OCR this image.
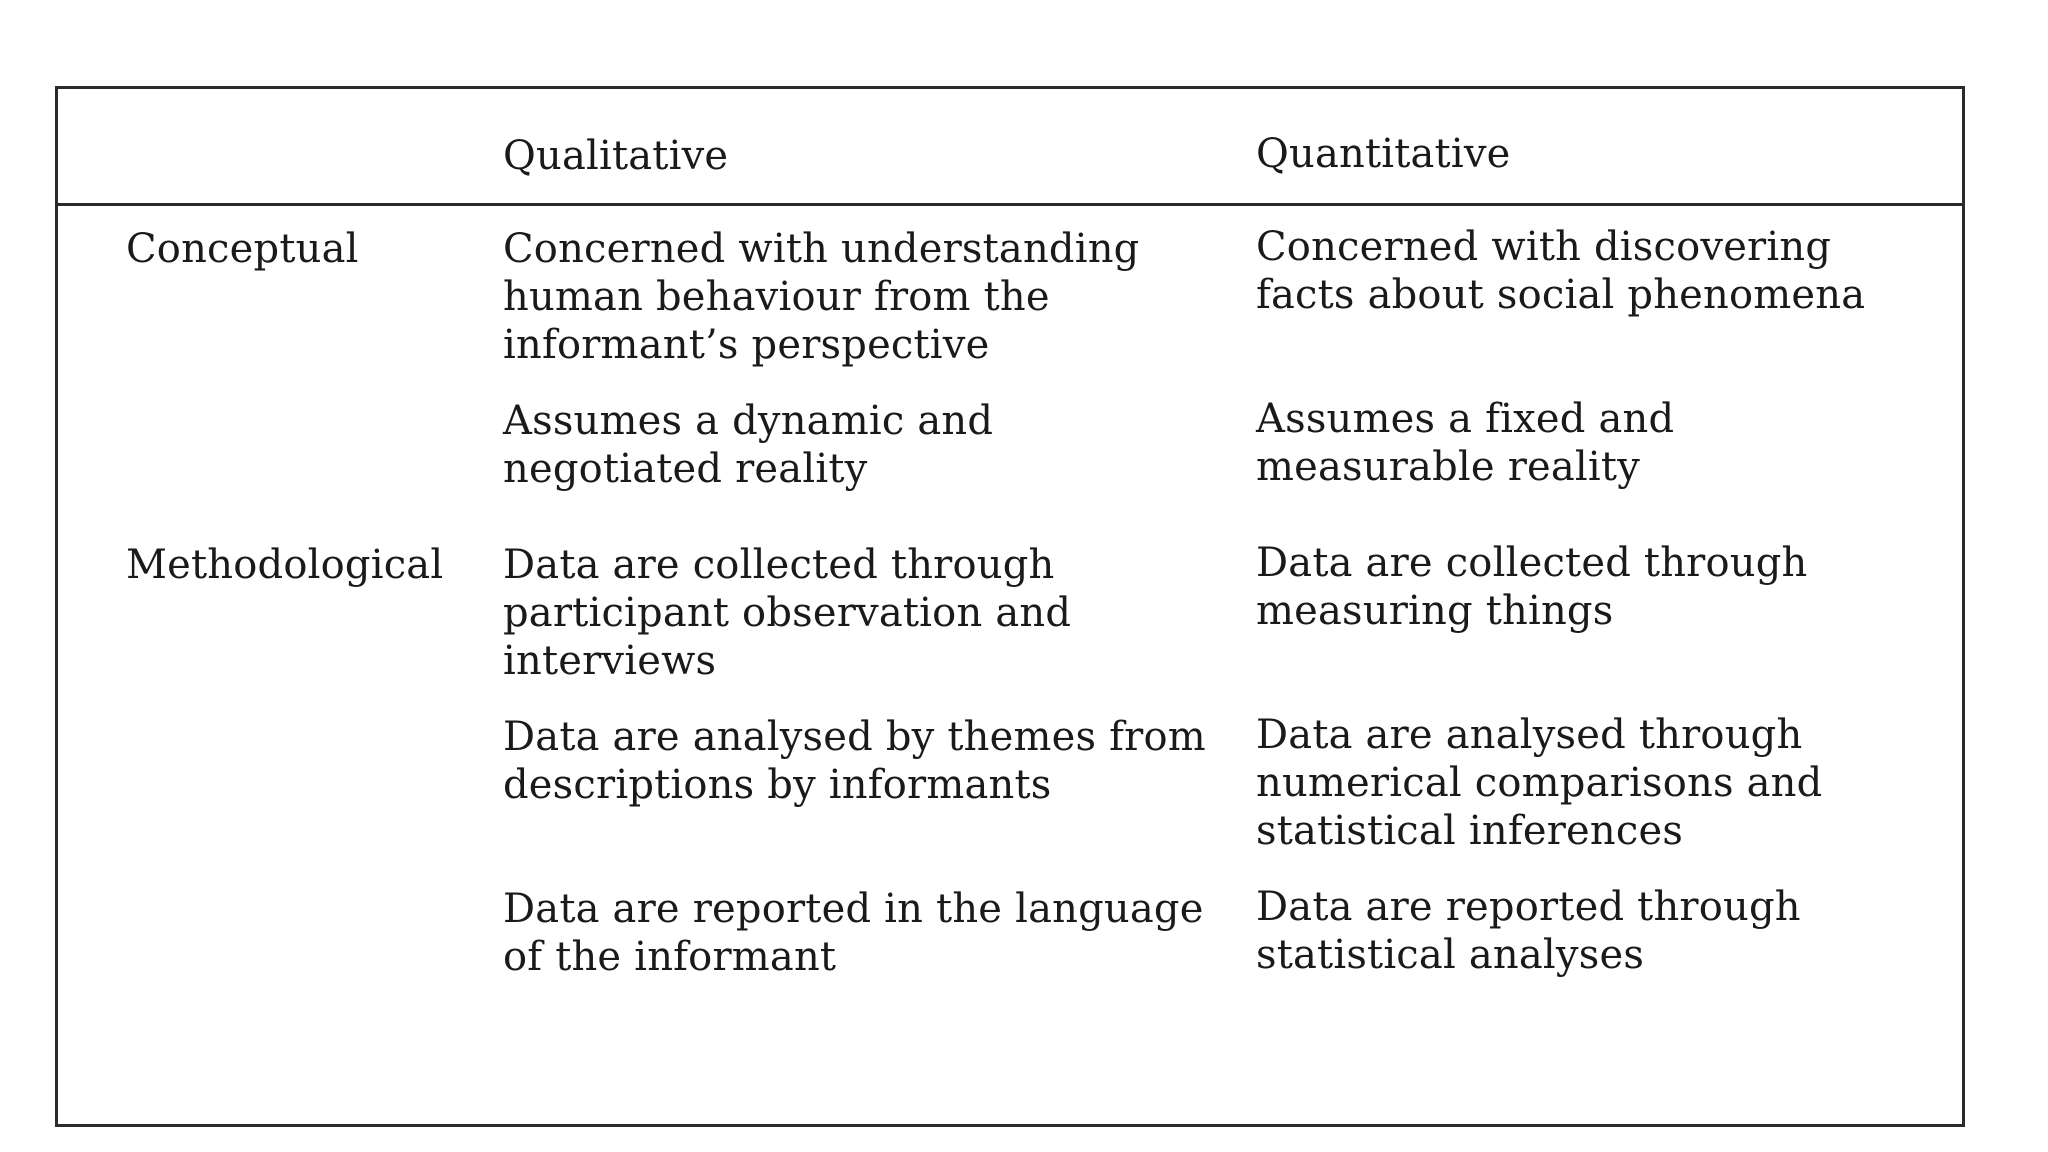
Qualitative	Quantitative
Conceptual	Concerned with understanding
human behaviour from the
informant’s perspective
Concerned with discovering
facts about social phenomena
Assumes a dynamic and
negotiated reality
Assumes a fixed and
measurable reality
Methodological Data are collected through
participant observation and
interviews
Data are collected through
measuring things
Data are analysed by themes from
descriptions by informants
Data are analysed through
numerical comparisons and
statistical inferences
Data are reported in the language
of the informant
Data are reported through
statistical analyses
